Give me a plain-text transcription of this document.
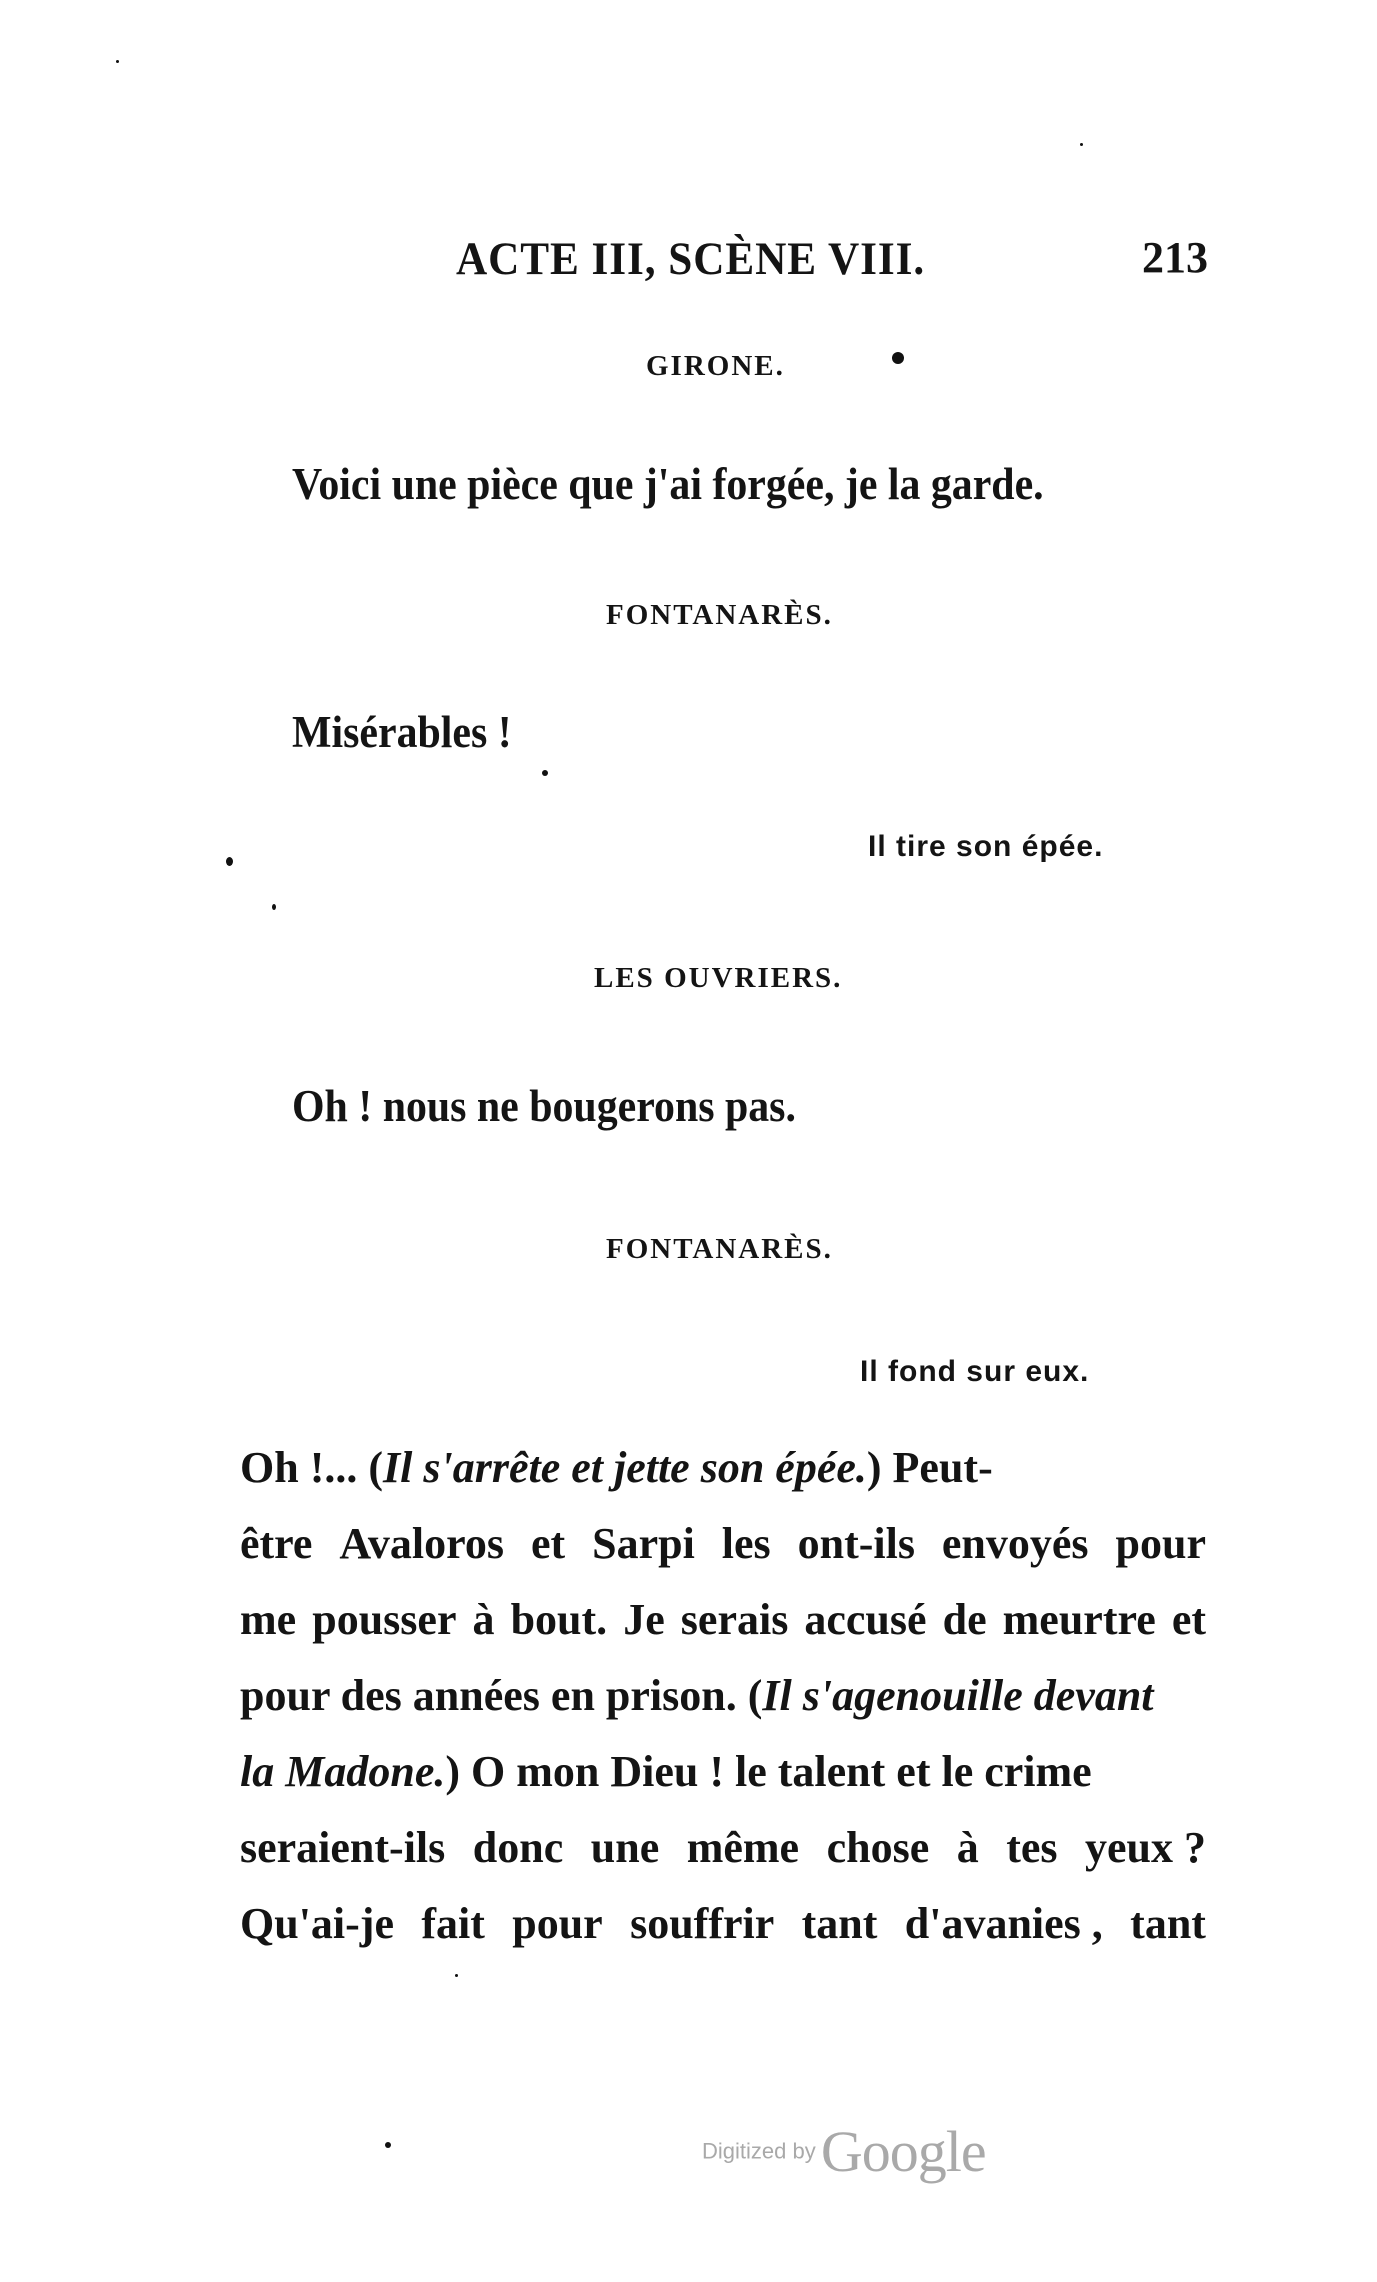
ACTE III, SCÈNE VIII.	213
GIRONE.
Voici une pièce que j'ai forgée, je la garde.
FONTANARÈS.
Misérables !
Il tire son épée.
LES OUVRIERS.
Oh ! nous ne bougerons pas.
FONTANARÈS.
Il fond sur eux.
Oh !... (Il s'arrête et jette son épée.) Peut-
être Avaloros et Sarpi les ont-ils envoyés pour
me pousser à bout. Je serais accusé de meurtre et
pour des années en prison. (Il s'agenouille devant
la Madone.) O mon Dieu ! le talent et le crime
seraient-ils donc une même chose à tes yeux ?
Qu'ai-je fait pour souffrir tant d'avanies , tant
Digitized by Google
